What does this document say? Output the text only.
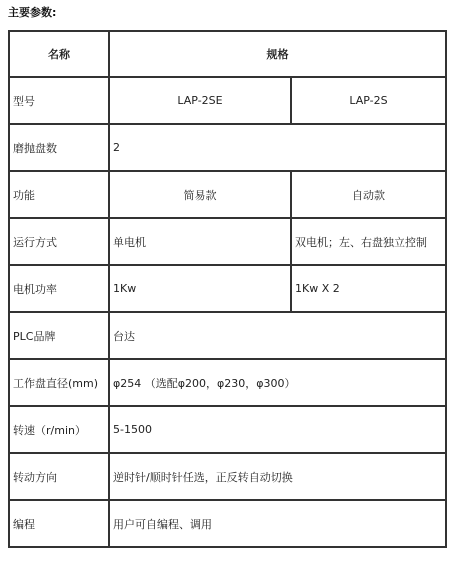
主要参数:
名称	规格	
型号	LAP-2SE	LAP-2S
磨抛盘数	2	
功能	简易款	自动款
运行方式	单电机	双电机；左、右盘独立控制
电机功率	1Kw	1Kw X 2
PLC品牌	台达	
工作盘直径(mm)	φ254 （选配φ200，φ230，φ300）	
转速（r/min）	5-1500	
转动方向	逆时针/顺时针任选，正反转自动切换	
编程	用户可自编程、调用	
